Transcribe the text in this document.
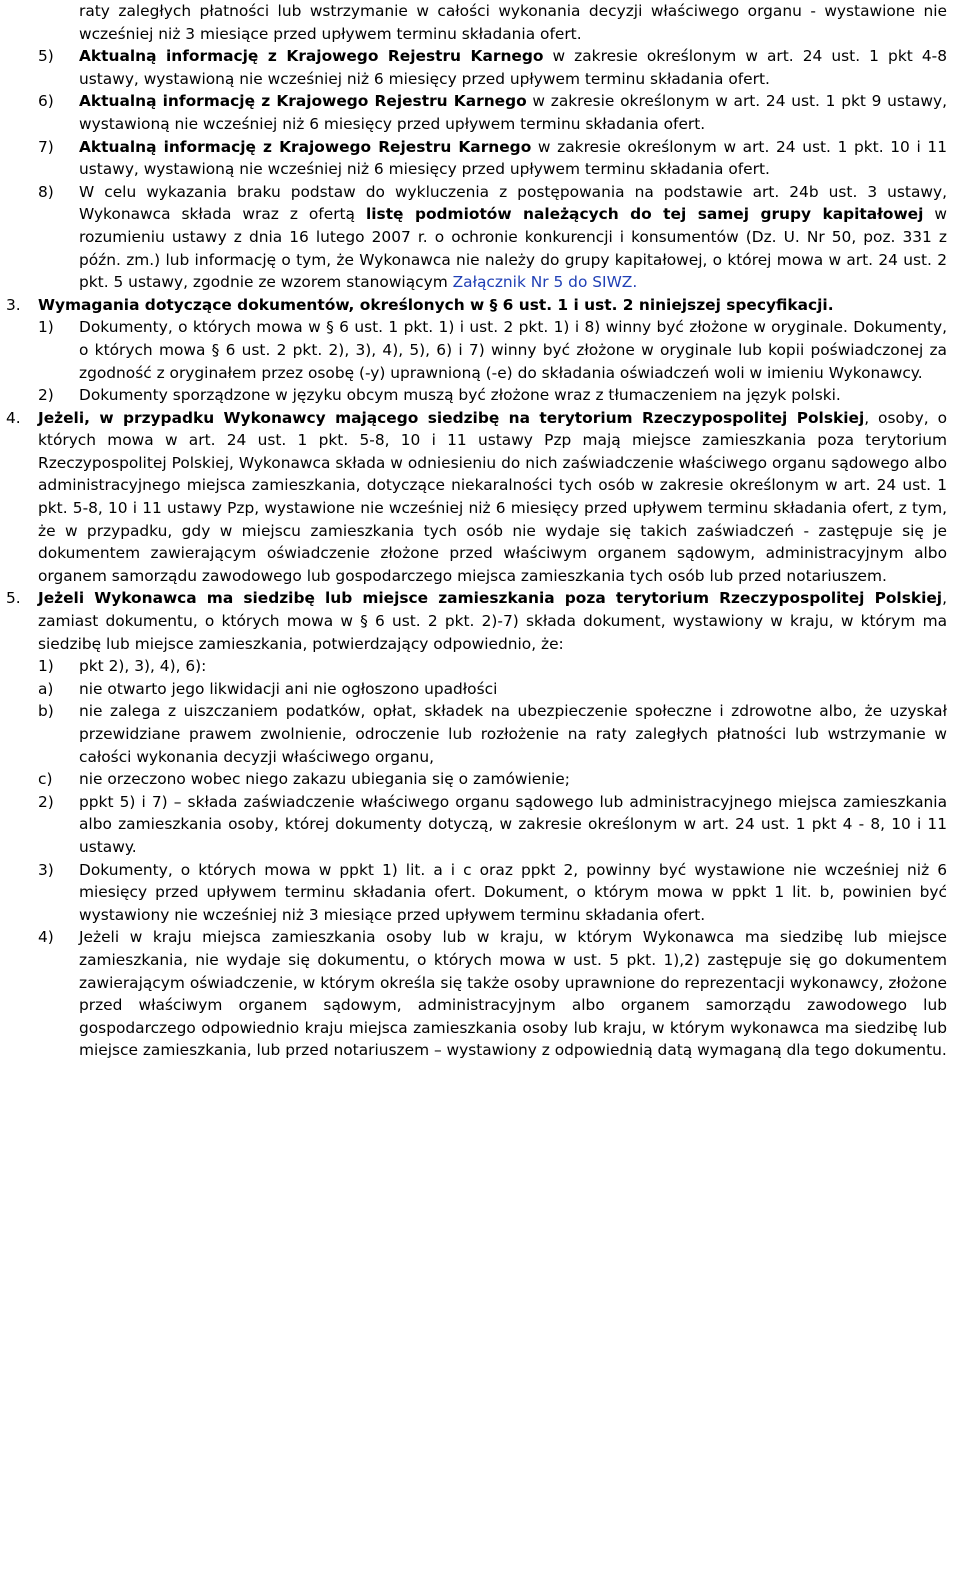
raty zaległych płatności lub wstrzymanie w całości wykonania decyzji właściwego organu - wystawione nie wcześniej niż 3 miesiące przed upływem terminu składania ofert.

5) Aktualną informację z Krajowego Rejestru Karnego w zakresie określonym w art. 24 ust. 1 pkt 4-8 ustawy, wystawioną nie wcześniej niż 6 miesięcy przed upływem terminu składania ofert.

6) Aktualną informację z Krajowego Rejestru Karnego w zakresie określonym w art. 24 ust. 1 pkt 9 ustawy, wystawioną nie wcześniej niż 6 miesięcy przed upływem terminu składania ofert.

7) Aktualną informację z Krajowego Rejestru Karnego w zakresie określonym w art. 24 ust. 1 pkt. 10 i 11 ustawy, wystawioną nie wcześniej niż 6 miesięcy przed upływem terminu składania ofert.

8) W celu wykazania braku podstaw do wykluczenia z postępowania na podstawie art. 24b ust. 3 ustawy, Wykonawca składa wraz z ofertą listę podmiotów należących do tej samej grupy kapitałowej w rozumieniu ustawy z dnia 16 lutego 2007 r. o ochronie konkurencji i konsumentów (Dz. U. Nr 50, poz. 331 z późn. zm.) lub informację o tym, że Wykonawca nie należy do grupy kapitałowej, o której mowa w art. 24 ust. 2 pkt. 5 ustawy, zgodnie ze wzorem stanowiącym Załącznik Nr 5 do SIWZ.

3. Wymagania dotyczące dokumentów, określonych w § 6 ust. 1 i ust. 2 niniejszej specyfikacji.

1) Dokumenty, o których mowa w § 6 ust. 1 pkt. 1) i ust. 2 pkt. 1) i 8) winny być złożone w oryginale. Dokumenty, o których mowa § 6 ust. 2 pkt. 2), 3), 4), 5), 6) i 7) winny być złożone w oryginale lub kopii poświadczonej za zgodność z oryginałem przez osobę (-y) uprawnioną (-e) do składania oświadczeń woli w imieniu Wykonawcy.

2) Dokumenty sporządzone w języku obcym muszą być złożone wraz z tłumaczeniem na język polski.

4. Jeżeli, w przypadku Wykonawcy mającego siedzibę na terytorium Rzeczypospolitej Polskiej, osoby, o których mowa w art. 24 ust. 1 pkt. 5-8, 10 i 11 ustawy Pzp mają miejsce zamieszkania poza terytorium Rzeczypospolitej Polskiej, Wykonawca składa w odniesieniu do nich zaświadczenie właściwego organu sądowego albo administracyjnego miejsca zamieszkania, dotyczące niekaralności tych osób w zakresie określonym w art. 24 ust. 1 pkt. 5-8, 10 i 11 ustawy Pzp, wystawione nie wcześniej niż 6 miesięcy przed upływem terminu składania ofert, z tym, że w przypadku, gdy w miejscu zamieszkania tych osób nie wydaje się takich zaświadczeń - zastępuje się je dokumentem zawierającym oświadczenie złożone przed właściwym organem sądowym, administracyjnym albo organem samorządu zawodowego lub gospodarczego miejsca zamieszkania tych osób lub przed notariuszem.

5. Jeżeli Wykonawca ma siedzibę lub miejsce zamieszkania poza terytorium Rzeczypospolitej Polskiej, zamiast dokumentu, o których mowa w § 6 ust. 2 pkt. 2)-7) składa dokument, wystawiony w kraju, w którym ma siedzibę lub miejsce zamieszkania, potwierdzający odpowiednio, że:

1) pkt 2), 3), 4), 6):

a) nie otwarto jego likwidacji ani nie ogłoszono upadłości

b) nie zalega z uiszczaniem podatków, opłat, składek na ubezpieczenie społeczne i zdrowotne albo, że uzyskał przewidziane prawem zwolnienie, odroczenie lub rozłożenie na raty zaległych płatności lub wstrzymanie w całości wykonania decyzji właściwego organu,

c) nie orzeczono wobec niego zakazu ubiegania się o zamówienie;

2) ppkt 5) i 7) – składa zaświadczenie właściwego organu sądowego lub administracyjnego miejsca zamieszkania albo zamieszkania osoby, której dokumenty dotyczą, w zakresie określonym w art. 24 ust. 1 pkt 4 - 8, 10 i 11 ustawy.

3) Dokumenty, o których mowa w ppkt 1) lit. a i c oraz ppkt 2, powinny być wystawione nie wcześniej niż 6 miesięcy przed upływem terminu składania ofert. Dokument, o którym mowa w ppkt 1 lit. b, powinien być wystawiony nie wcześniej niż 3 miesiące przed upływem terminu składania ofert.

4) Jeżeli w kraju miejsca zamieszkania osoby lub w kraju, w którym Wykonawca ma siedzibę lub miejsce zamieszkania, nie wydaje się dokumentu, o których mowa w ust. 5 pkt. 1),2) zastępuje się go dokumentem zawierającym oświadczenie, w którym określa się także osoby uprawnione do reprezentacji wykonawcy, złożone przed właściwym organem sądowym, administracyjnym albo organem samorządu zawodowego lub gospodarczego odpowiednio kraju miejsca zamieszkania osoby lub kraju, w którym wykonawca ma siedzibę lub miejsce zamieszkania, lub przed notariuszem – wystawiony z odpowiednią datą wymaganą dla tego dokumentu.
